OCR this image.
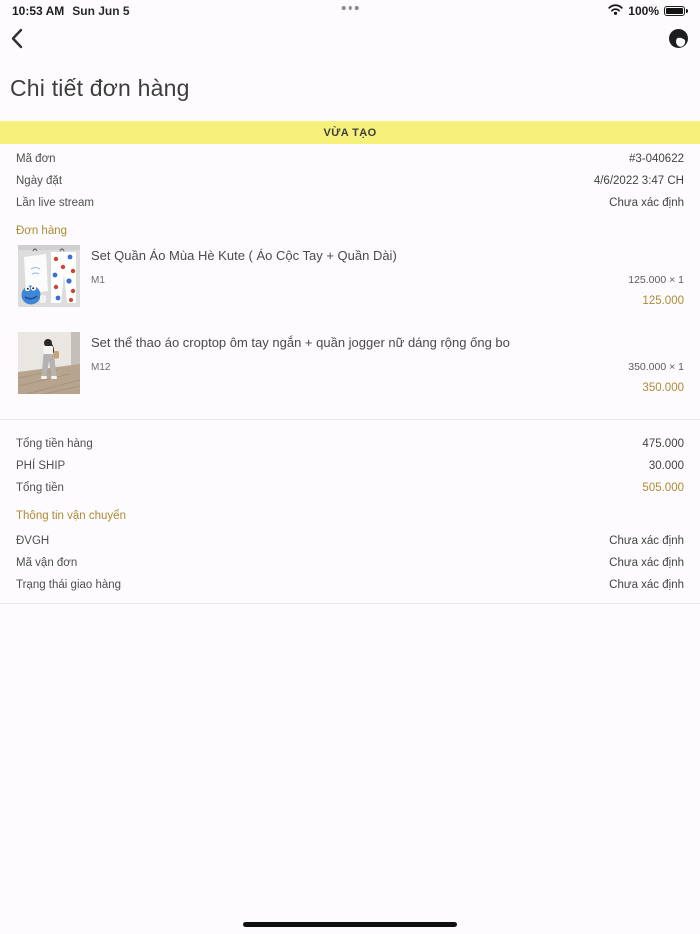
10:53 AM Sun Jun 5	100%
Chi tiết đơn hàng
VỪA TẠO
Mã đơn	#3-040622
Ngày đặt	4/6/2022 3:47 CH
Lần live stream	Chưa xác định
Đơn hàng
Set Quần Áo Mùa Hè Kute ( Áo Cộc Tay + Quần Dài)
M1	125.000 × 1
125.000
Set thể thao áo croptop ôm tay ngắn + quần jogger nữ dáng rộng ống bo
M12	350.000 × 1
350.000
Tổng tiền hàng	475.000
PHÍ SHIP	30.000
Tổng tiền	505.000
Thông tin vận chuyển
ĐVGH	Chưa xác định
Mã vận đơn	Chưa xác định
Trạng thái giao hàng	Chưa xác định
